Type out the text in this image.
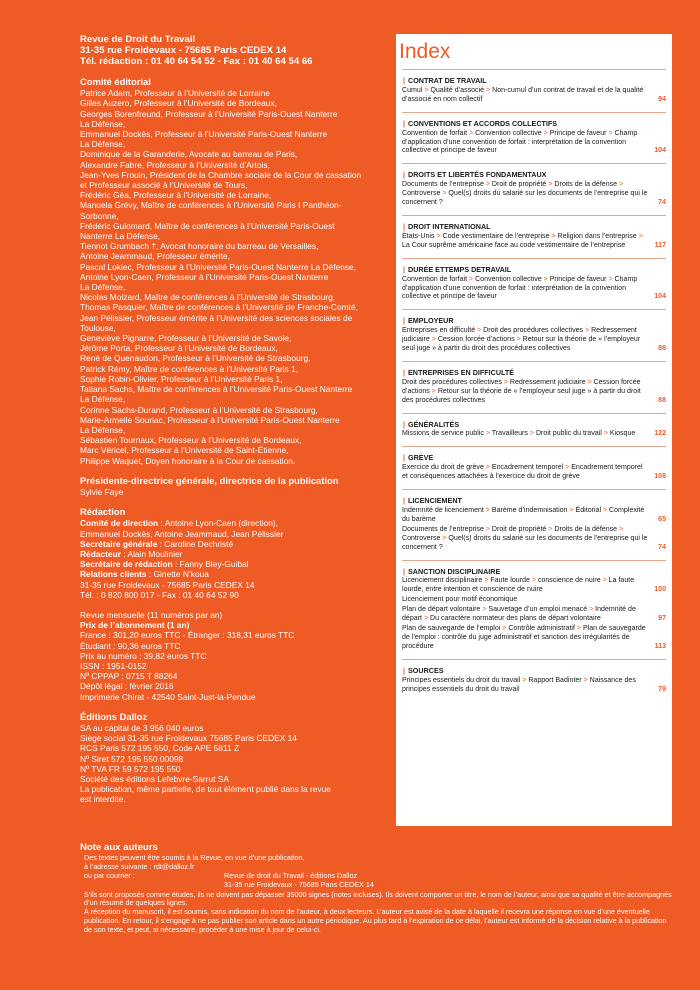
Revue de Droit du Travail
31-35 rue Froidevaux - 75685 Paris CEDEX 14
Tél. rédaction : 01 40 64 54 52 - Fax : 01 40 64 54 66
Comité éditorial
Patrice Adam, Professeur à l’Université de Lorraine
Gilles Auzero, Professeur à l’Université de Bordeaux,
Georges Borenfreund, Professeur à l’Université Paris-Ouest Nanterre
La Défense,
Emmanuel Dockès, Professeur à l’Université Paris-Ouest Nanterre
La Défense,
Dominique de la Garanderie, Avocate au barreau de Paris,
Alexandre Fabre, Professeur à l’Université d’Artois,
Jean-Yves Frouin, Président de la Chambre sociale de la Cour de cassation
et Professeur associé à l’Université de Tours,
Frédéric Géa, Professeur à l’Université de Lorraine,
Manuela Grévy, Maître de conférences à l’Université Paris I Panthéon-
Sorbonne,
Frédéric Guiomard, Maître de conférences à l’Université Paris-Ouest
Nanterre La Défense,
Tiennot Grumbach †, Avocat honoraire du barreau de Versailles,
Antoine Jeammaud, Professeur émérite,
Pascal Lokiec, Professeur à l’Université Paris-Ouest Nanterre La Défense,
Antoine Lyon-Caen, Professeur à l’Université Paris-Ouest Nanterre
La Défense,
Nicolas Moizard, Maître de conférences à l’Université de Strasbourg,
Thomas Pasquier, Maître de conférences à l’Université de Franche-Comté,
Jean Pélissier, Professeur émérite à l’Université des sciences sociales de
Toulouse,
Geneviève Pignarre, Professeur à l’Université de Savoie,
Jérôme Porta, Professeur à l’Université de Bordeaux,
René de Quenaudon, Professeur à l’Université de Strasbourg,
Patrick Rémy, Maître de conférences à l’Université Paris 1,
Sophie Robin-Olivier, Professeur à l’Université Paris 1,
Tatiana Sachs, Maître de conférences à l’Université Paris-Ouest Nanterre
La Défense,
Corinne Sachs-Durand, Professeur à l’Université de Strasbourg,
Marie-Armelle Souriac, Professeur à l’Université Paris-Ouest Nanterre
La Défense,
Sébastien Tournaux, Professeur à l’Université de Bordeaux,
Marc Véricel, Professeur à l’Université de Saint-Étienne,
Philippe Waquet, Doyen honoraire à la Cour de cassation.
Présidente-directrice générale, directrice de la publication
Sylvie Faye
Rédaction
Comité de direction : Antoine Lyon-Caen (direction),
Emmanuel Dockès, Antoine Jeammaud, Jean Pélissier
Secrétaire générale : Caroline Dechristé
Rédacteur : Alain Moulinier
Secrétaire de rédaction : Fanny Bley-Guibal
Relations clients : Ginette N’koua
31-35 rue Froidevaux - 75685 Paris CEDEX 14
Tél. : 0 820 800 017 - Fax : 01 40 64 52 90
Revue mensuelle (11 numéros par an)
Prix de l’abonnement (1 an)
France : 301,20 euros TTC - Étranger : 318,31 euros TTC
Étudiant : 90,36 euros TTC
Prix au numéro : 39,82 euros TTC
ISSN : 1951-0152
Nº CPPAP : 0715 T 88264
Dépôt légal : février 2016
Imprimerie Chirat - 42540 Saint-Just-la-Pendue
Éditions Dalloz
SA au capital de 3 956 040 euros
Siège social 31-35 rue Froidevaux 75685 Paris CEDEX 14
RCS Paris 572 195 550, Code APE 5811 Z
Nº Siret 572 195 550 00098
Nº TVA FR 59 572 195 550
Société des éditions Lefebvre-Sarrut SA
La publication, même partielle, de tout élément publié dans la revue
est interdite.
Index
| CONTRAT DE TRAVAIL
Cumul > Qualité d’associé > Non-cumul d’un contrat de travail et de la qualité d’associé en nom collectif	94
| CONVENTIONS ET ACCORDS COLLECTIFS
Convention de forfait > Convention collective > Principe de faveur > Champ d’application d’une convention de forfait : interprétation de la convention collective et principe de faveur	104
| DROITS ET LIBERTÉS FONDAMENTAUX
Documents de l’entreprise > Droit de propriété > Droits de la défense > Controverse > Quel(s) droits du salarié sur les documents de l’entreprise qui le concernent ?	74
| DROIT INTERNATIONAL
États-Unis > Code vestimentaire de l’entreprise > Religion dans l’entreprise > La Cour suprême américaine face au code vestimentaire de l’entreprise	117
| DURÉE ETTEMPS DETRAVAIL
Convention de forfait > Convention collective > Principe de faveur > Champ d’application d’une convention de forfait : interprétation de la convention collective et principe de faveur	104
| EMPLOYEUR
Entreprises en difficulté > Droit des procédures collectives > Redressement judiciaire > Cession forcée d’actions > Retour sur la théorie de « l’employeur seul juge » à partir du droit des procédures collectives	88
| ENTREPRISES EN DIFFICULTÉ
Droit des procédures collectives > Redressement judiciaire > Cession forcée d’actions > Retour sur la théorie de « l’employeur seul juge » à partir du droit des procédures collectives	88
| GÉNÉRALITÉS
Missions de service public > Travailleurs > Droit public du travail > Kiosque	122
| GRÈVE
Exercice du droit de grève > Encadrement temporel > Encadrement temporel et conséquences attachées à l’exercice du droit de grève	108
| LICENCIEMENT
Indemnité de licenciement > Barème d’indemnisation > Éditorial > Complexité du barème	65
Documents de l’entreprise > Droit de propriété > Droits de la défense > Controverse > Quel(s) droits du salarié sur les documents de l’entreprise qui le concernent ?	74
| SANCTION DISCIPLINAIRE
Licenciement disciplinaire > Faute lourde > conscience de nuire > La faute lourde, entre intention et conscience de nuire	100
Licenciement pour motif économique
Plan de départ volontaire > Sauvetage d’un emploi menacé > Indemnité de départ > Du caractère normateur des plans de départ volontaire	97
Plan de sauvegarde de l’emploi > Contrôle administratif > Plan de sauvegarde de l’emploi : contrôle du juge administratif et sanction des irrégularités de procédure	113
| SOURCES
Principes essentiels du droit du travail > Rapport Badinter > Naissance des principes essentiels du droit du travail	79
Note aux auteurs
Des textes peuvent être soumis à la Revue, en vue d’une publication,
à l’adresse suivante : rdt@dalloz.fr
ou par courrier :	Revue de droit du Travail - éditions Dalloz
31-35 rue Froidevaux - 75685 Paris CEDEX 14
S’ils sont proposés comme études, ils ne doivent pas dépasser 35000 signes (notes incluses). Ils doivent comporter un titre, le nom de l’auteur, ainsi que sa qualité et être accompagnés d’un résumé de quelques lignes.
À réception du manuscrit, il est soumis, sans indication du nom de l’auteur, à deux lecteurs. L’auteur est avisé de la date à laquelle il recevra une réponse en vue d’une éventuelle publication. En retour, il s’engage à ne pas publier son article dans un autre périodique. Au plus tard à l’expiration de ce délai, l’auteur est informé de la décision relative à la publication de son texte, et peut, si nécessaire, procéder à une mise à jour de celui-ci.
